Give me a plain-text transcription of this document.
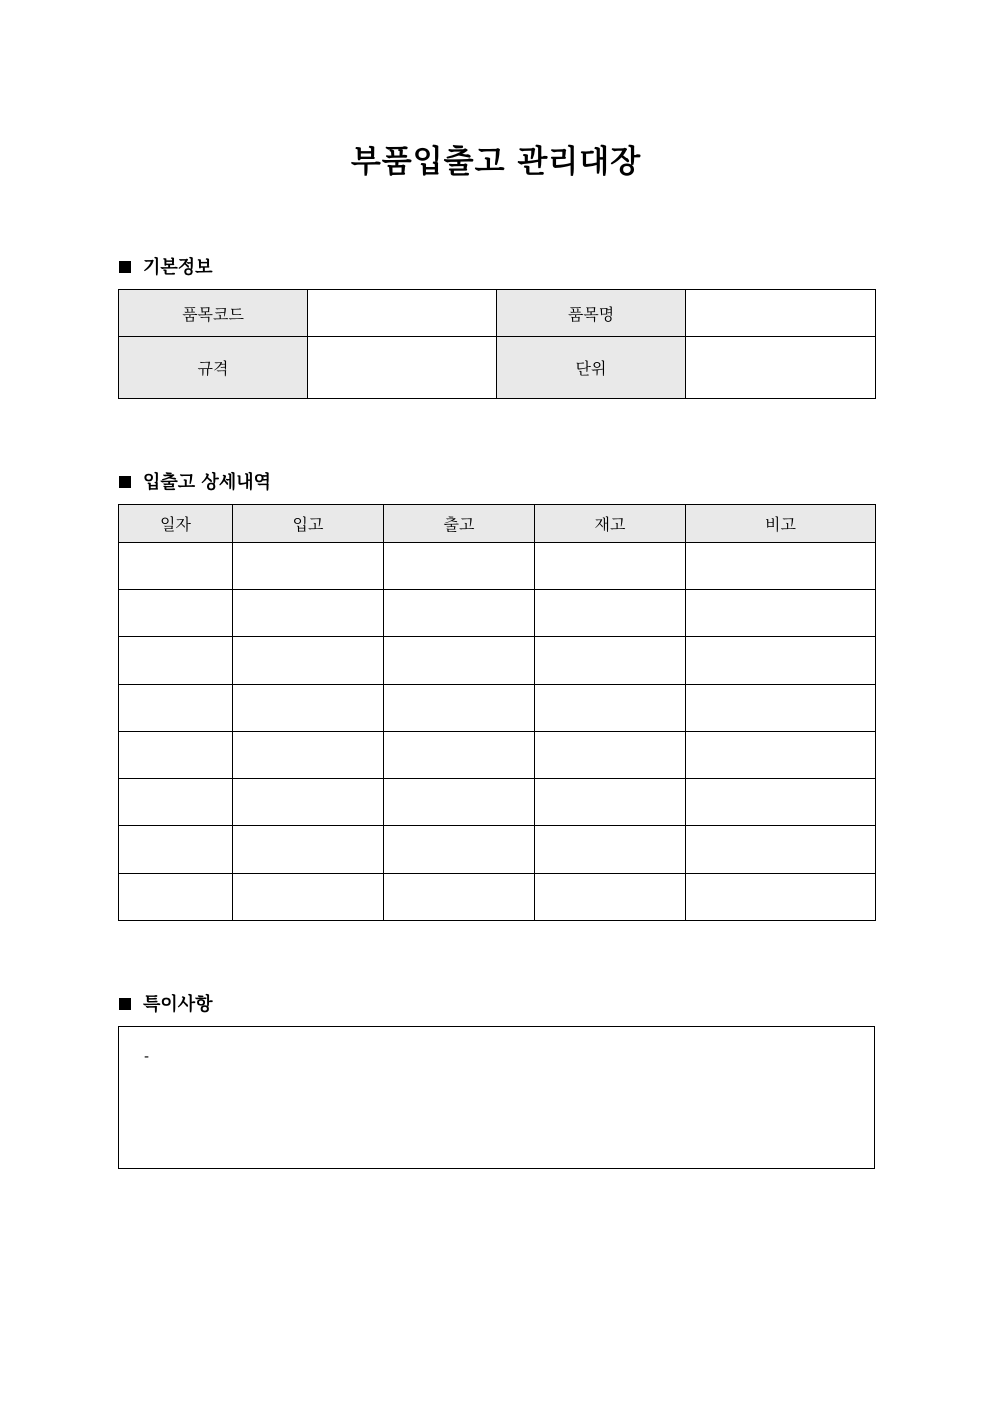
부품입출고 관리대장
기본정보
품목코드		품목명	
규격		단위	
입출고 상세내역
일자	입고	출고	재고	비고

특이사항
-
